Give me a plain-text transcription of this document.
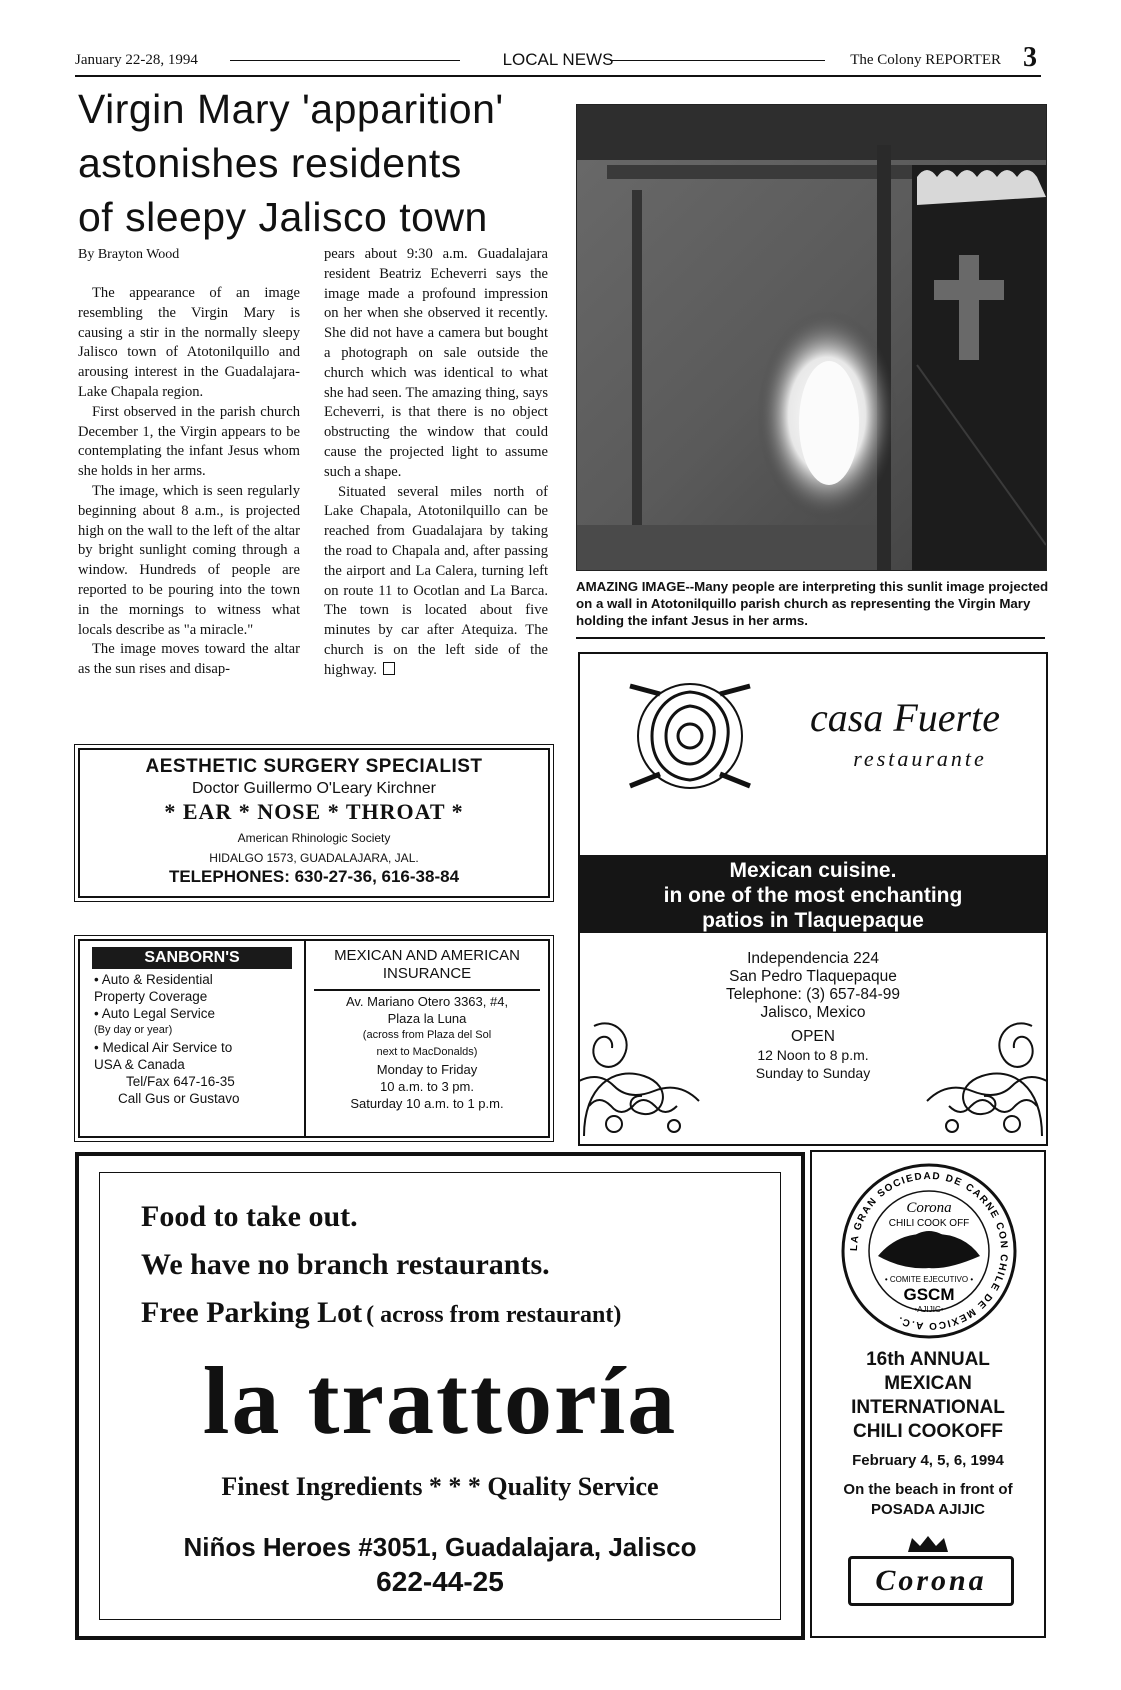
January 22-28, 1994	LOCAL NEWS	The Colony REPORTER 3
Virgin Mary 'apparition'
astonishes residents
of sleepy Jalisco town
By Brayton Wood

The appearance of an image resembling the Virgin Mary is causing a stir in the normally sleepy Jalisco town of Atotonilquillo and arousing interest in the Guadalajara-Lake Chapala region.

First observed in the parish church December 1, the Virgin appears to be contemplating the infant Jesus whom she holds in her arms.

The image, which is seen regularly beginning about 8 a.m., is projected high on the wall to the left of the altar by bright sunlight coming through a window. Hundreds of people are reported to be pouring into the town in the mornings to witness what locals describe as "a miracle."

The image moves toward the altar as the sun rises and disap-

pears about 9:30 a.m. Guadalajara resident Beatriz Echeverri says the image made a profound impression on her when she observed it recently. She did not have a camera but bought a photograph on sale outside the church which was identical to what she had seen. The amazing thing, says Echeverri, is that there is no object obstructing the window that could cause the projected light to assume such a shape.

Situated several miles north of Lake Chapala, Atotonilquillo can be reached from Guadalajara by taking the road to Chapala and, after passing the airport and La Calera, turning left on route 11 to Ocotlan and La Barca. The town is located about five minutes by car after Atequiza. The church is on the left side of the highway.

AMAZING IMAGE--Many people are interpreting this sunlit image projected on a wall in Atotonilquillo parish church as representing the Virgin Mary holding the infant Jesus in her arms.
AESTHETIC SURGERY SPECIALIST
Doctor Guillermo O'Leary Kirchner
* EAR * NOSE * THROAT *
American Rhinologic Society
HIDALGO 1573, GUADALAJARA, JAL.
TELEPHONES: 630-27-36, 616-38-84
SANBORN'S
• Auto & Residential
Property Coverage
• Auto Legal Service
(By day or year)
• Medical Air Service to
USA & Canada
Tel/Fax 647-16-35
Call Gus or Gustavo
MEXICAN AND AMERICAN INSURANCE
Av. Mariano Otero 3363, #4,
Plaza la Luna
(across from Plaza del Sol
next to MacDonalds)
Monday to Friday
10 a.m. to 3 pm.
Saturday 10 a.m. to 1 p.m.
casa Fuerte
restaurante
Mexican cuisine.
in one of the most enchanting
patios in Tlaquepaque
Independencia 224
San Pedro Tlaquepaque
Telephone: (3) 657-84-99
Jalisco, Mexico
OPEN
12 Noon to 8 p.m.
Sunday to Sunday
Food to take out.
We have no branch restaurants.
Free Parking Lot ( across from restaurant)
la trattoría
Finest Ingredients * * * Quality Service
Niños Heroes #3051, Guadalajara, Jalisco
622-44-25
LA GRAN SOCIEDAD DE CARNE CON CHILE DE MEXICO A.C.
Corona
CHILI COOK OFF
• COMITE EJECUTIVO •
GSCM
•AJIJIC•
16th ANNUAL
MEXICAN
INTERNATIONAL
CHILI COOKOFF
February 4, 5, 6, 1994
On the beach in front of
POSADA AJIJIC
Corona
